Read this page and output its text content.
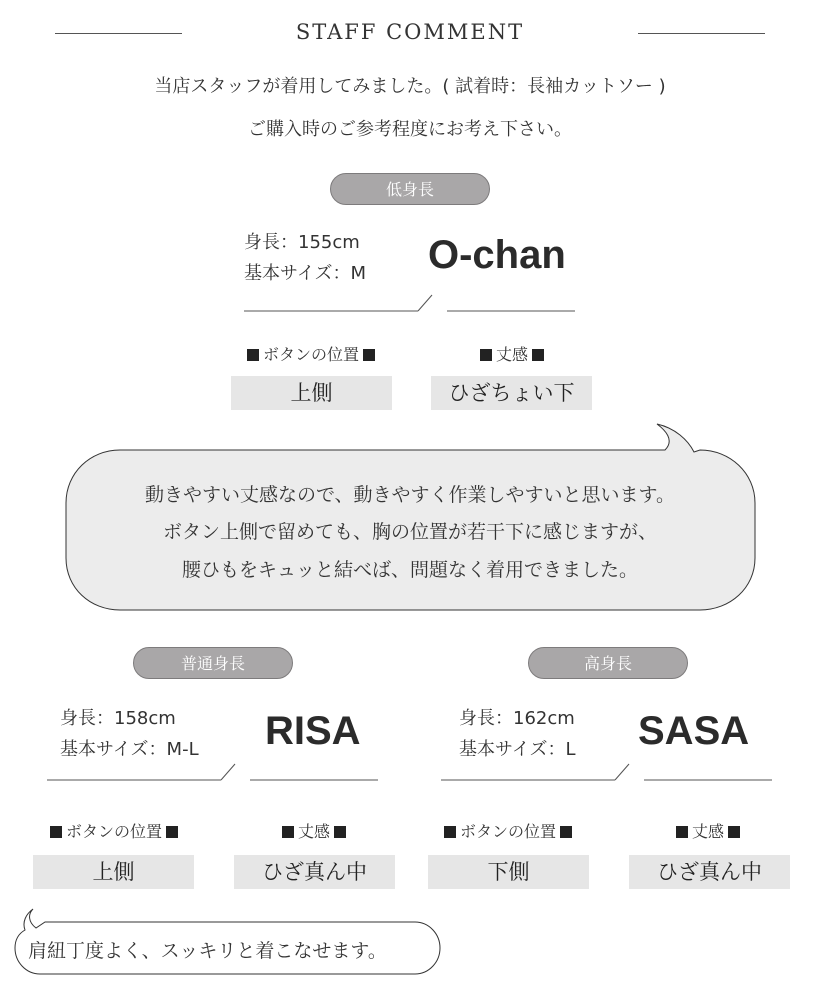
STAFF COMMENT
当店スタッフが着用してみました。( 試着時：長袖カットソー )
ご購入時のご参考程度にお考え下さい。
低身長
身長：155cm
基本サイズ：M O-chan
ボタンの位置	丈感
上側	ひざちょい下
動きやすい丈感なので、動きやすく作業しやすいと思います。
ボタン上側で留めても、胸の位置が若干下に感じますが、
腰ひもをキュッと結べば、問題なく着用できました。
普通身長
身長：158cm
基本サイズ：M-L RISA
ボタンの位置	丈感
上側	ひざ真ん中
高身長
身長：162cm
基本サイズ：L SASA
ボタンの位置	丈感
下側	ひざ真ん中
肩紐丁度よく、スッキリと着こなせます。
